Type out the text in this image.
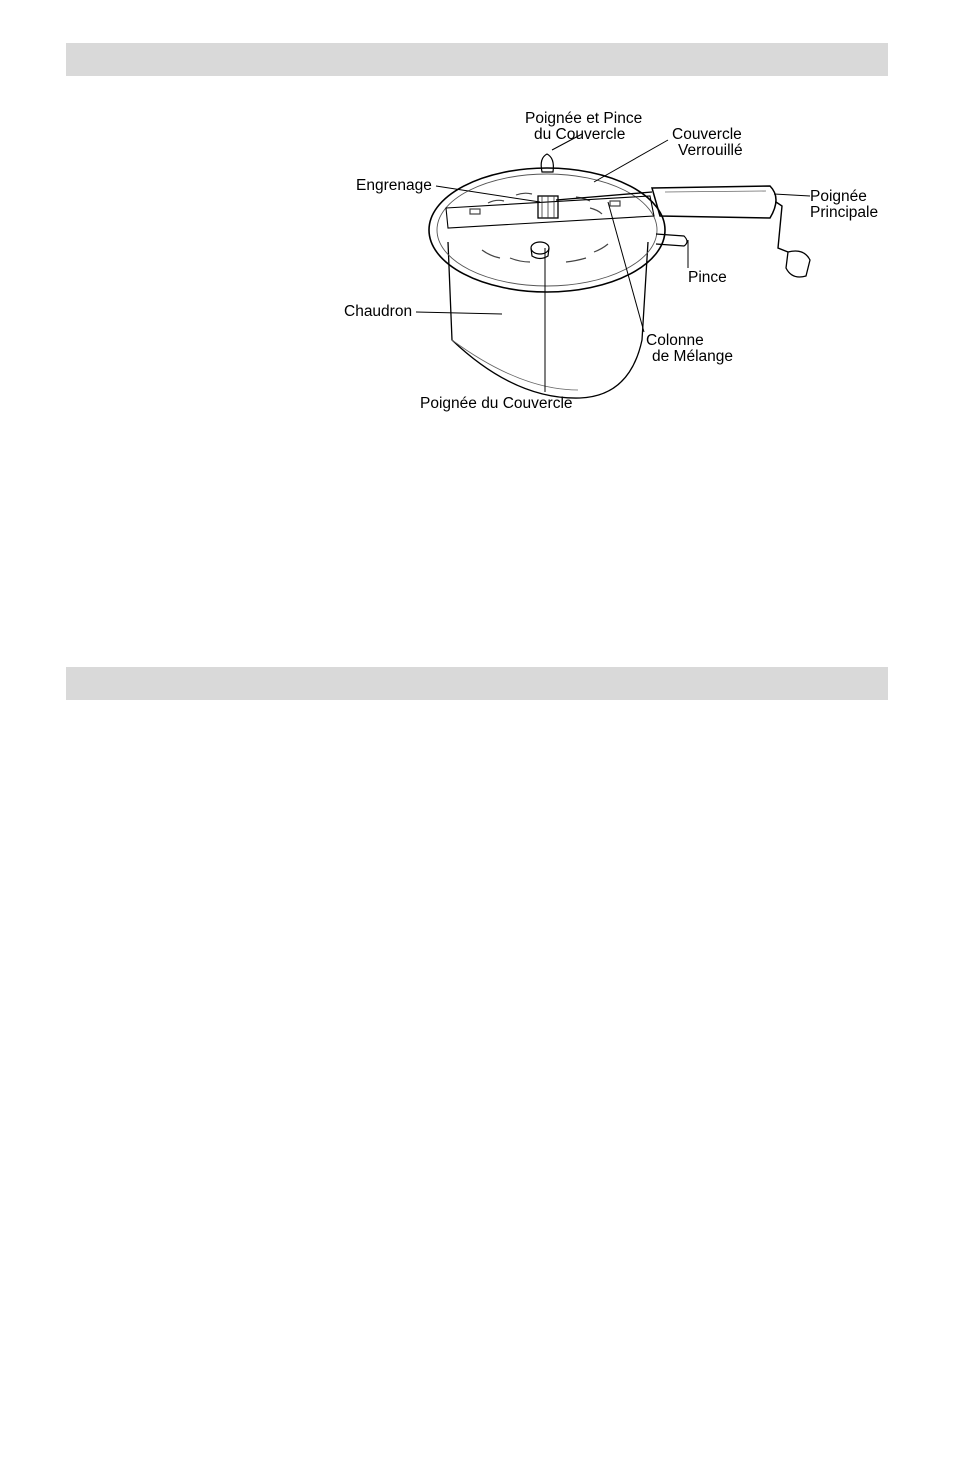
Poignée et Pince
du Couvercle	Couvercle
Verrouillé
Engrenage
Poignée
Principale
Pince
Chaudron
Colonne
de Mélange
Poignée du Couvercle
